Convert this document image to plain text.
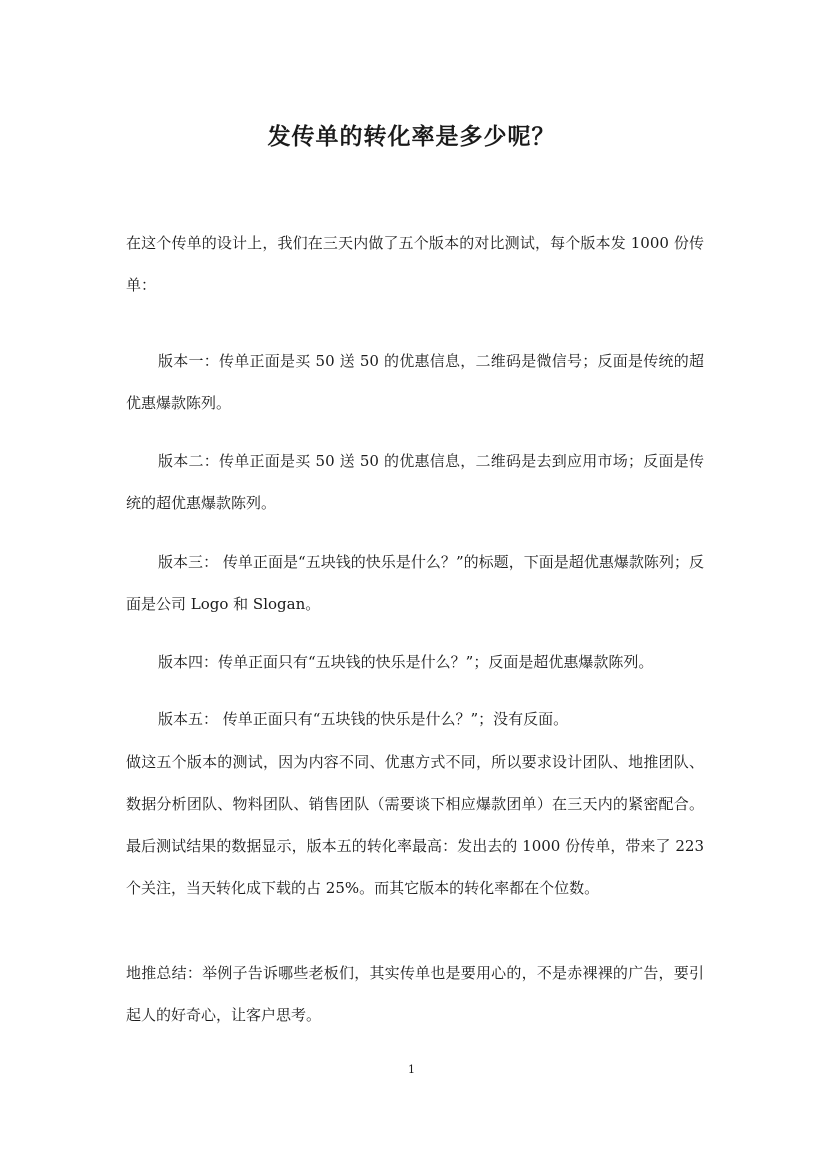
发传单的转化率是多少呢？
在这个传单的设计上，我们在三天内做了五个版本的对比测试，每个版本发 1000 份传单：
版本一：传单正面是买 50 送 50 的优惠信息，二维码是微信号；反面是传统的超优惠爆款陈列。
版本二：传单正面是买 50 送 50 的优惠信息，二维码是去到应用市场；反面是传统的超优惠爆款陈列。
版本三： 传单正面是“五块钱的快乐是什么？”的标题，下面是超优惠爆款陈列；反面是公司 Logo 和 Slogan。
版本四：传单正面只有“五块钱的快乐是什么？”；反面是超优惠爆款陈列。
版本五： 传单正面只有“五块钱的快乐是什么？”；没有反面。
做这五个版本的测试，因为内容不同、优惠方式不同，所以要求设计团队、地推团队、数据分析团队、物料团队、销售团队（需要谈下相应爆款团单）在三天内的紧密配合。最后测试结果的数据显示，版本五的转化率最高：发出去的 1000 份传单，带来了 223 个关注，当天转化成下载的占 25%。而其它版本的转化率都在个位数。
地推总结：举例子告诉哪些老板们，其实传单也是要用心的，不是赤裸裸的广告，要引起人的好奇心，让客户思考。
1
